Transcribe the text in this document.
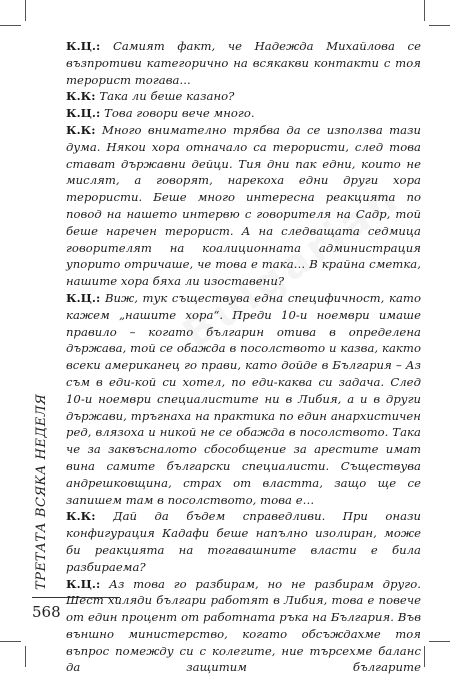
К.Ц.: Самият факт, че Надежда Михайлова се възпротиви категорично на всякакви контакти с тоя терорист тогава...

К.К: Така ли беше казано?

К.Ц.: Това говори вече много.

К.К: Много внимателно трябва да се използва тази дума. Някои хора отначало са терористи, след това стават държавни дейци. Тия дни пак едни, които не мислят, а говорят, нарекоха едни други хора терористи. Беше много интересна реакцията по повод на нашето интервю с говорителя на Садр, той беше наречен терорист. А на следващата седмица говорителят на коалиционната администрация упорито отричаше, че това е така… В крайна сметка, нашите хора бяха ли изоставени?

К.Ц.: Виж, тук съществува една специфичност, като кажем „нашите хора“. Преди 10-и ноември имаше правило – когато българин отива в определена държава, той се обажда в посолството и казва, както всеки американец го прави, като дойде в България – Аз съм в еди-кой си хотел, по еди-каква си задача. След 10-и ноември специалистите ни в Либия, а и в други държави, тръгнаха на практика по един анархистичен ред, влязоха и никой не се обажда в посолството. Така че за заквъсналото сбособщение за арестите имат вина самите български специалисти. Съществува андрешковщина, страх от властта, защо ще се запишем там в посолството, това е…

К.К: Дай да бъдем справедливи. При онази конфигурация Кадафи беше напълно изолиран, може би реакцията на тогавашните власти е била разбираема?

К.Ц.: Аз това го разбирам, но не разбирам друго. Шест хиляди българи работят в Либия, това е повече от един процент от работната ръка на България. Във външно министерство, когато обсъждахме тоя въпрос помежду си с колегите, ние търсехме баланс да защитим българите

ТРЕТАТА ВСЯКА НЕДЕЛЯ
568
